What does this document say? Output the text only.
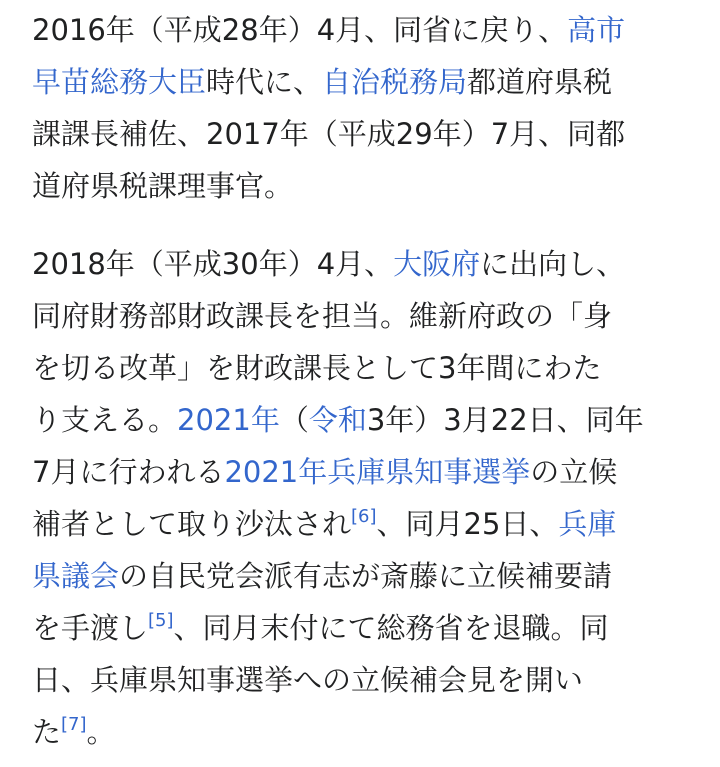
2016年（平成28年）4月、同省に戻り、高市
早苗総務大臣時代に、自治税務局都道府県税
課課長補佐、2017年（平成29年）7月、同都
道府県税課理事官。

2018年（平成30年）4月、大阪府に出向し、
同府財務部財政課長を担当。維新府政の「身
を切る改革」を財政課長として3年間にわた
り支える。2021年（令和3年）3月22日、同年
7月に行われる2021年兵庫県知事選挙の立候
補者として取り沙汰され[6]、同月25日、兵庫
県議会の自民党会派有志が斎藤に立候補要請
を手渡し[5]、同月末付にて総務省を退職。同
日、兵庫県知事選挙への立候補会見を開い
た[7]。
